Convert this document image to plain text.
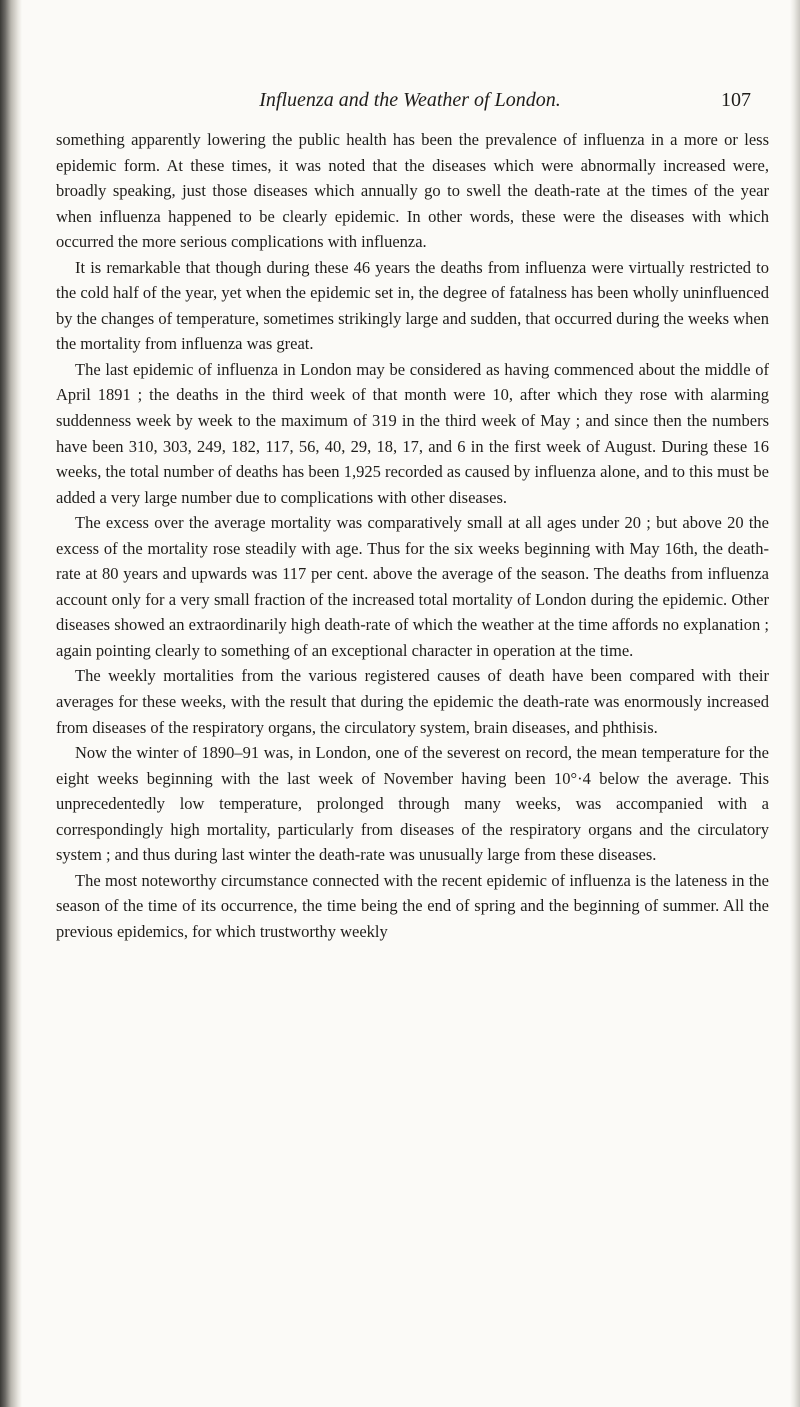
Influenza and the Weather of London.	107

something apparently lowering the public health has been the prevalence of influenza in a more or less epidemic form. At these times, it was noted that the diseases which were abnormally increased were, broadly speaking, just those diseases which annually go to swell the death-rate at the times of the year when influenza happened to be clearly epidemic. In other words, these were the diseases with which occurred the more serious complications with influenza.

It is remarkable that though during these 46 years the deaths from influenza were virtually restricted to the cold half of the year, yet when the epidemic set in, the degree of fatalness has been wholly uninfluenced by the changes of temperature, sometimes strikingly large and sudden, that occurred during the weeks when the mortality from influenza was great.

The last epidemic of influenza in London may be considered as having commenced about the middle of April 1891 ; the deaths in the third week of that month were 10, after which they rose with alarming suddenness week by week to the maximum of 319 in the third week of May ; and since then the numbers have been 310, 303, 249, 182, 117, 56, 40, 29, 18, 17, and 6 in the first week of August. During these 16 weeks, the total number of deaths has been 1,925 recorded as caused by influenza alone, and to this must be added a very large number due to complications with other diseases.

The excess over the average mortality was comparatively small at all ages under 20 ; but above 20 the excess of the mortality rose steadily with age. Thus for the six weeks beginning with May 16th, the death-rate at 80 years and upwards was 117 per cent. above the average of the season. The deaths from influenza account only for a very small fraction of the increased total mortality of London during the epidemic. Other diseases showed an extraordinarily high death-rate of which the weather at the time affords no explanation ; again pointing clearly to something of an exceptional character in operation at the time.

The weekly mortalities from the various registered causes of death have been compared with their averages for these weeks, with the result that during the epidemic the death-rate was enormously increased from diseases of the respiratory organs, the circulatory system, brain diseases, and phthisis.

Now the winter of 1890–91 was, in London, one of the severest on record, the mean temperature for the eight weeks beginning with the last week of November having been 10°·4 below the average. This unprecedentedly low temperature, prolonged through many weeks, was accompanied with a correspondingly high mortality, particularly from diseases of the respiratory organs and the circulatory system ; and thus during last winter the death-rate was unusually large from these diseases.

The most noteworthy circumstance connected with the recent epidemic of influenza is the lateness in the season of the time of its occurrence, the time being the end of spring and the beginning of summer. All the previous epidemics, for which trustworthy weekly
